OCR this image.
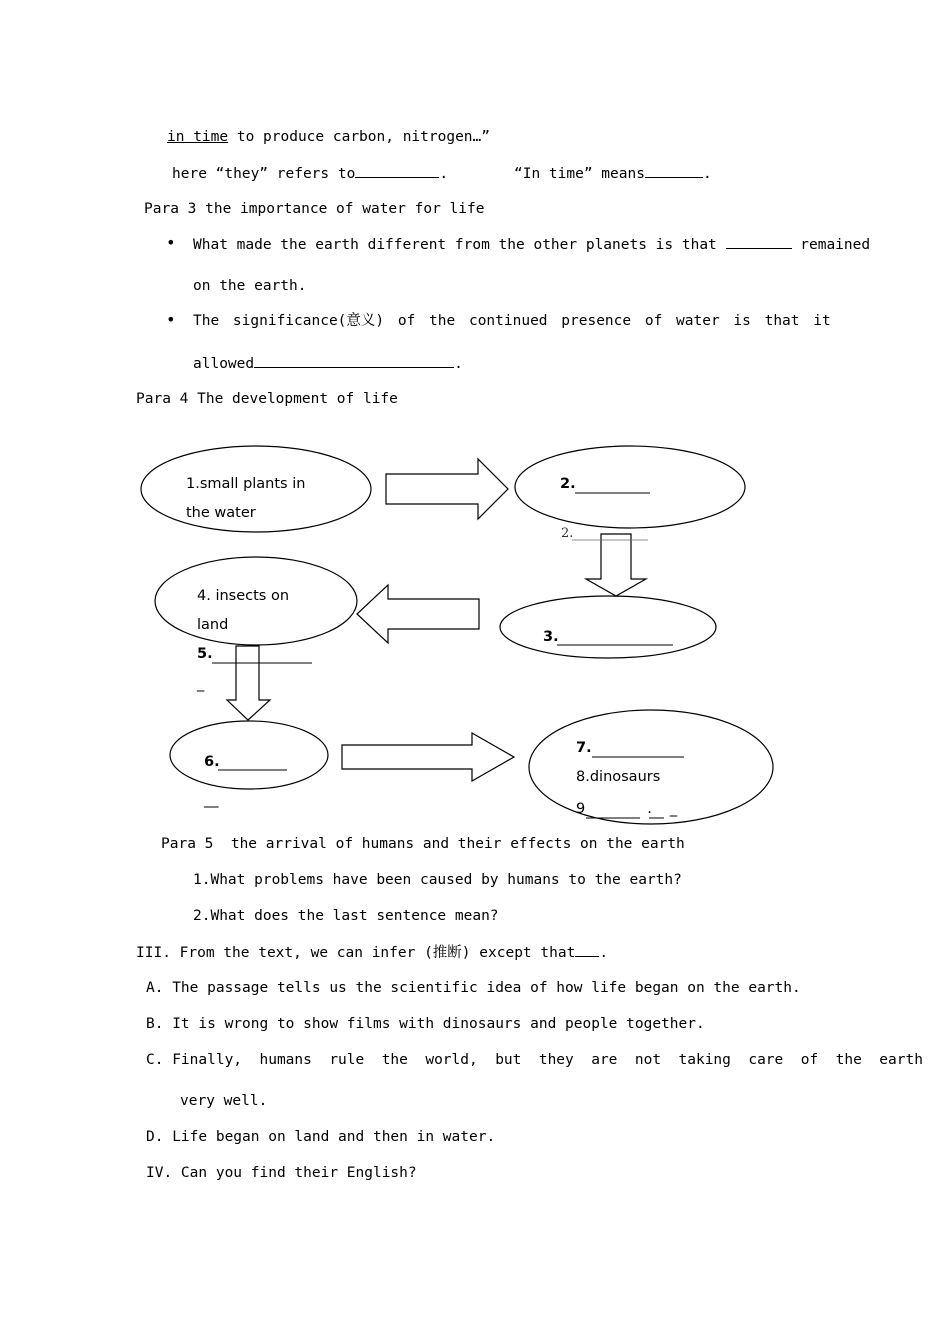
in time to produce carbon, nitrogen…”
here “they” refers to	.	“In time” means	.
Para 3 the importance of water for life
• What made the earth different from the other planets is that	remained
on the earth.
• The significance(意义) of the continued presence of water is that it
allowed	.
Para 4 The development of life
1.small plants in
the water
2.
2.
3.
4. insects on
land
5.
_
6.
__
7.
8.dinosaurs
9	. _
Para 5  the arrival of humans and their effects on the earth
1.What problems have been caused by humans to the earth?
2.What does the last sentence mean?
III. From the text, we can infer (推断) except that .
A. The passage tells us the scientific idea of how life began on the earth.
B. It is wrong to show films with dinosaurs and people together.
C. Finally,  humans  rule  the  world,  but  they  are  not  taking  care  of  the  earth
very well.
D. Life began on land and then in water.
IV. Can you find their English?
